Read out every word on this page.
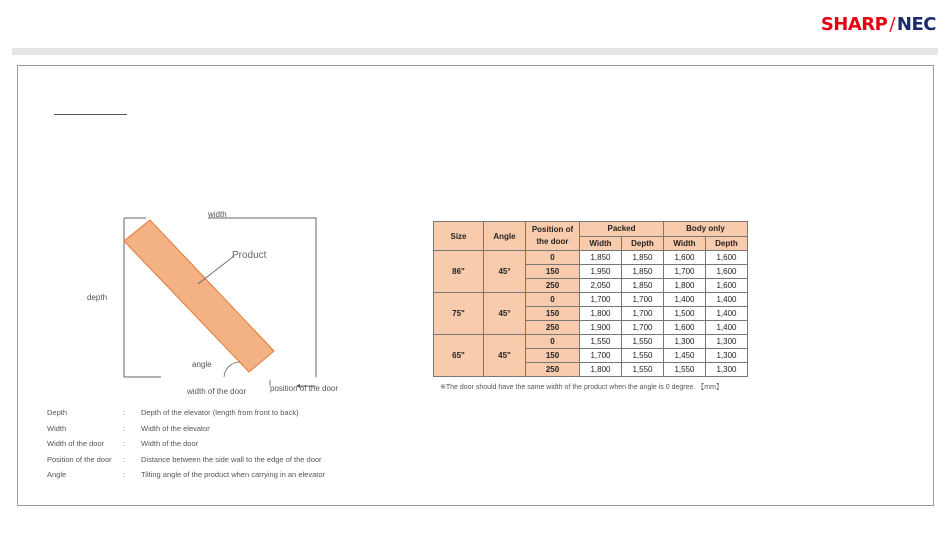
SHARP / NEC
width
depth
Product
angle
width of the door	position of the door
Depth	:	Depth of the elevator (length from front to back)
Width	:	Width of the elevator
Width of the door	:	Width of the door
Position of the door	:	Distance between the side wall to the edge of the door
Angle	:	Tilting angle of the product when carrying in an elevator
Size	Angle	Position of the door	Packed		Body only	
			Width	Depth	Width	Depth
86"	45°	0	1,850	1,850	1,600	1,600
		150	1,950	1,850	1,700	1,600
		250	2,050	1,850	1,800	1,600
75"	45°	0	1,700	1,700	1,400	1,400
		150	1,800	1,700	1,500	1,400
		250	1,900	1,700	1,600	1,400
65"	45"	0	1,550	1,550	1,300	1,300
		150	1,700	1,550	1,450	1,300
		250	1,800	1,550	1,550	1,300
※The door should have the same width of the product when the angle is 0 degree. 【mm】
